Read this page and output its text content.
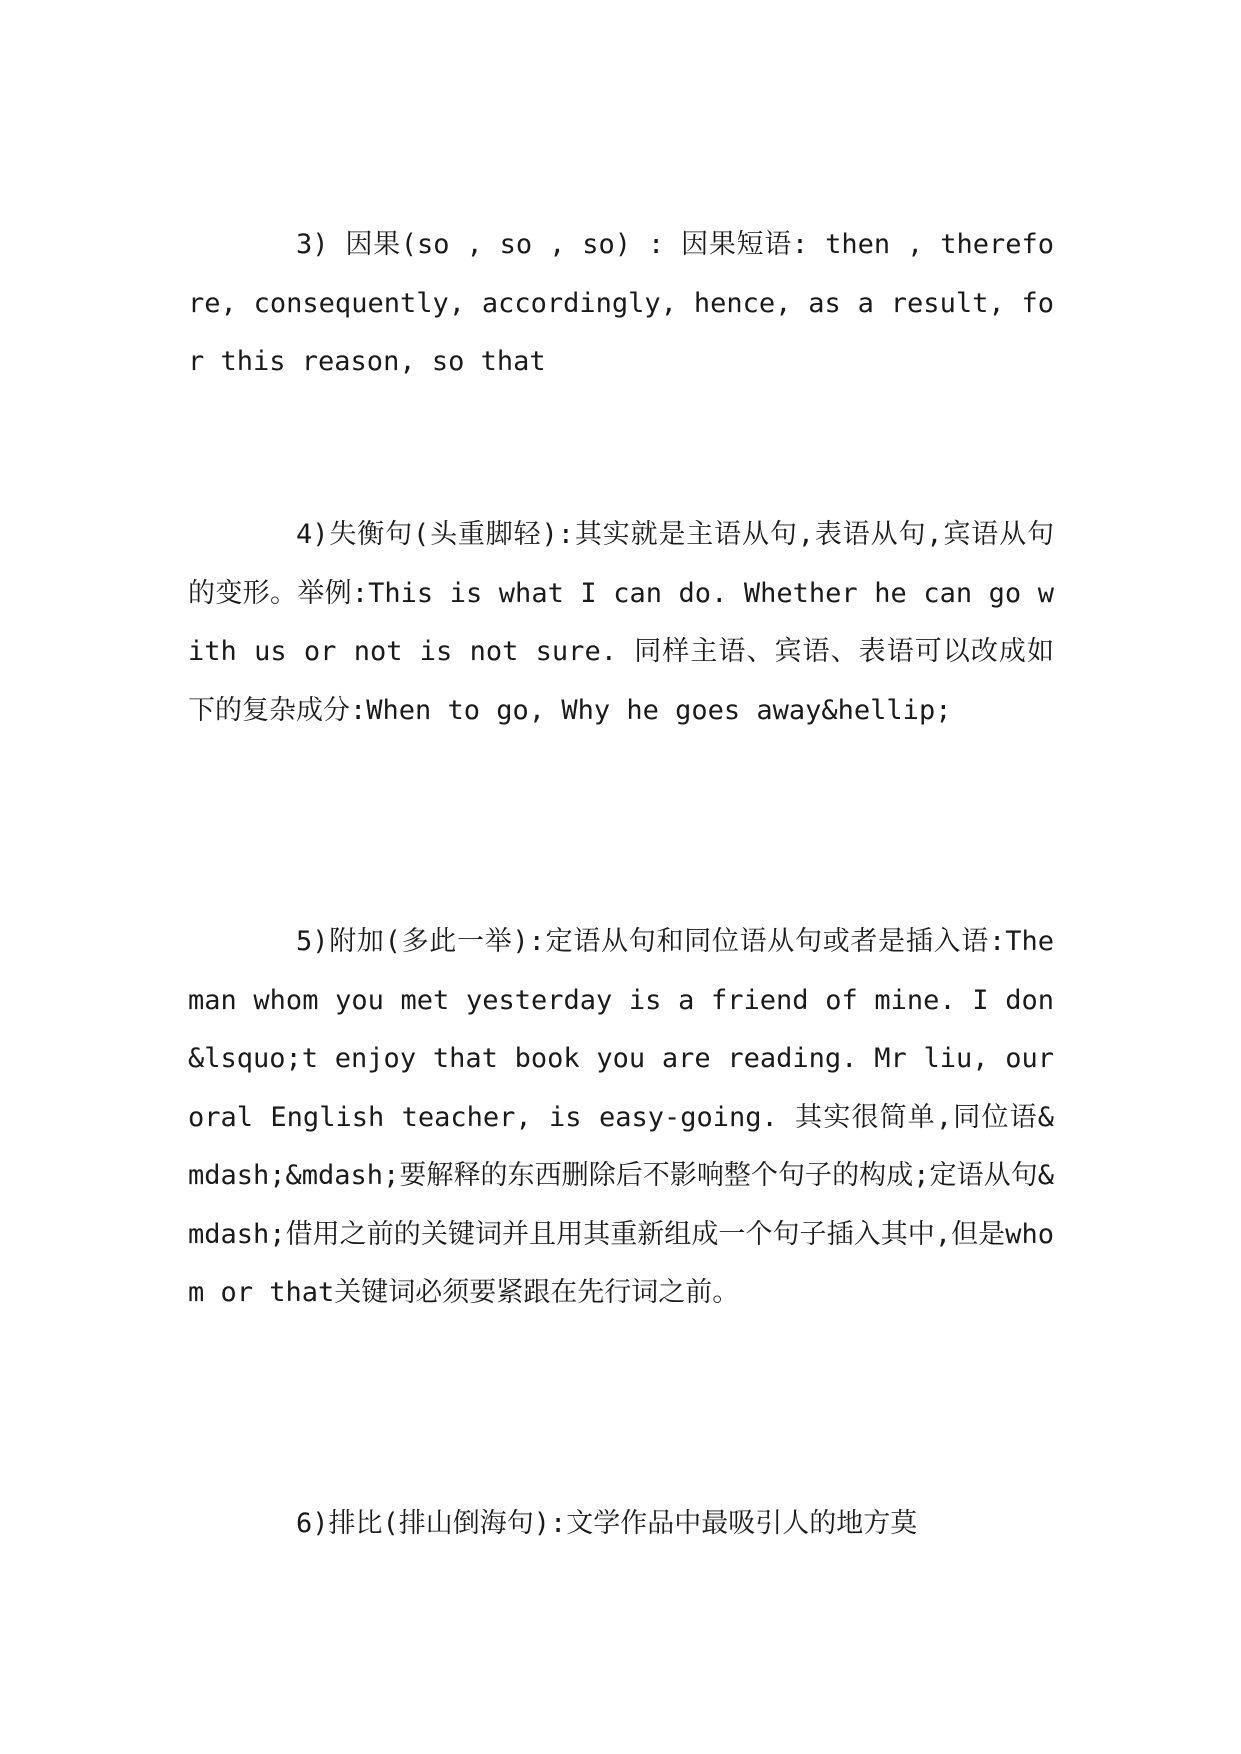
3) 因果(so , so , so) : 因果短语: then , therefore, consequently, accordingly, hence, as a result, for this reason, so that

4)失衡句(头重脚轻):其实就是主语从句,表语从句,宾语从句的变形。举例:This is what I can do. Whether he can go with us or not is not sure. 同样主语、宾语、表语可以改成如下的复杂成分:When to go, Why he goes away&hellip;

5)附加(多此一举):定语从句和同位语从句或者是插入语:The man whom you met yesterday is a friend of mine. I don&lsquo;t enjoy that book you are reading. Mr liu, our oral English teacher, is easy-going. 其实很简单,同位语&mdash;&mdash;要解释的东西删除后不影响整个句子的构成;定语从句&mdash;借用之前的关键词并且用其重新组成一个句子插入其中,但是whom or that关键词必须要紧跟在先行词之前。

6)排比(排山倒海句):文学作品中最吸引人的地方莫
